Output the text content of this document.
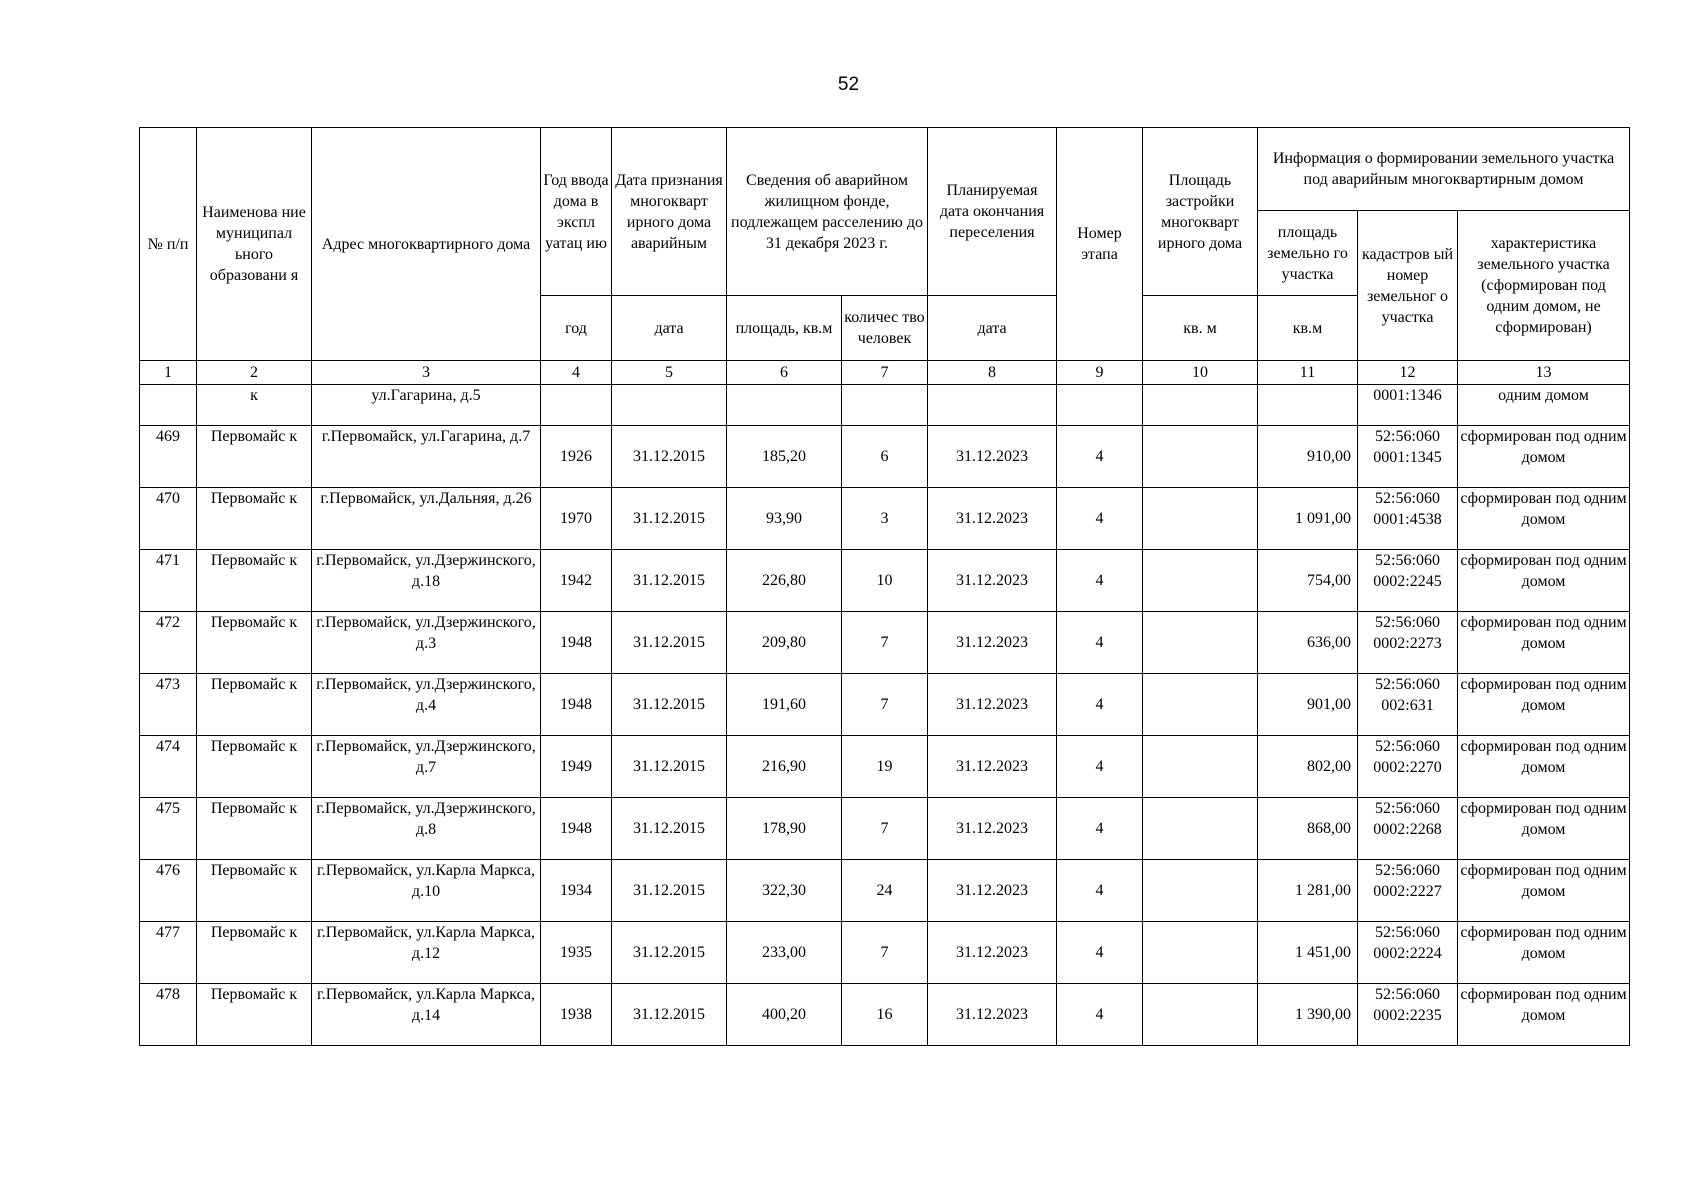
52
№ п/п	Наименова ние муниципал ьного образовани я	Адрес многоквартирного дома	Год ввода дома в экспл уатац ию	Дата признания многокварт ирного дома аварийным	Сведения об аварийном жилищном фонде, подлежащем расселению до 31 декабря 2023 г.		Планируемая дата окончания переселения	Номер этапа	Площадь застройки многокварт ирного дома	Информация о формировании земельного участка под аварийным многоквартирным домом		
										площадь земельно го участка	кадастров ый номер земельног о участка	характеристика земельного участка (сформирован под одним домом, не сформирован)
			год	дата	площадь, кв.м	количес тво человек	дата		кв. м	кв.м		
1	2	3	4	5	6	7	8	9	10	11	12	13
	к	ул.Гагарина, д.5									0001:1346	одним домом
469	Первомайс к	г.Первомайск, ул.Гагарина, д.7	1926	31.12.2015	185,20	6	31.12.2023	4		910,00	52:56:060 0001:1345	сформирован под одним домом
470	Первомайс к	г.Первомайск, ул.Дальняя, д.26	1970	31.12.2015	93,90	3	31.12.2023	4		1 091,00	52:56:060 0001:4538	сформирован под одним домом
471	Первомайс к	г.Первомайск, ул.Дзержинского, д.18	1942	31.12.2015	226,80	10	31.12.2023	4		754,00	52:56:060 0002:2245	сформирован под одним домом
472	Первомайс к	г.Первомайск, ул.Дзержинского, д.3	1948	31.12.2015	209,80	7	31.12.2023	4		636,00	52:56:060 0002:2273	сформирован под одним домом
473	Первомайс к	г.Первомайск, ул.Дзержинского, д.4	1948	31.12.2015	191,60	7	31.12.2023	4		901,00	52:56:060 002:631	сформирован под одним домом
474	Первомайс к	г.Первомайск, ул.Дзержинского, д.7	1949	31.12.2015	216,90	19	31.12.2023	4		802,00	52:56:060 0002:2270	сформирован под одним домом
475	Первомайс к	г.Первомайск, ул.Дзержинского, д.8	1948	31.12.2015	178,90	7	31.12.2023	4		868,00	52:56:060 0002:2268	сформирован под одним домом
476	Первомайс к	г.Первомайск, ул.Карла Маркса, д.10	1934	31.12.2015	322,30	24	31.12.2023	4		1 281,00	52:56:060 0002:2227	сформирован под одним домом
477	Первомайс к	г.Первомайск, ул.Карла Маркса, д.12	1935	31.12.2015	233,00	7	31.12.2023	4		1 451,00	52:56:060 0002:2224	сформирован под одним домом
478	Первомайс к	г.Первомайск, ул.Карла Маркса, д.14	1938	31.12.2015	400,20	16	31.12.2023	4		1 390,00	52:56:060 0002:2235	сформирован под одним домом
